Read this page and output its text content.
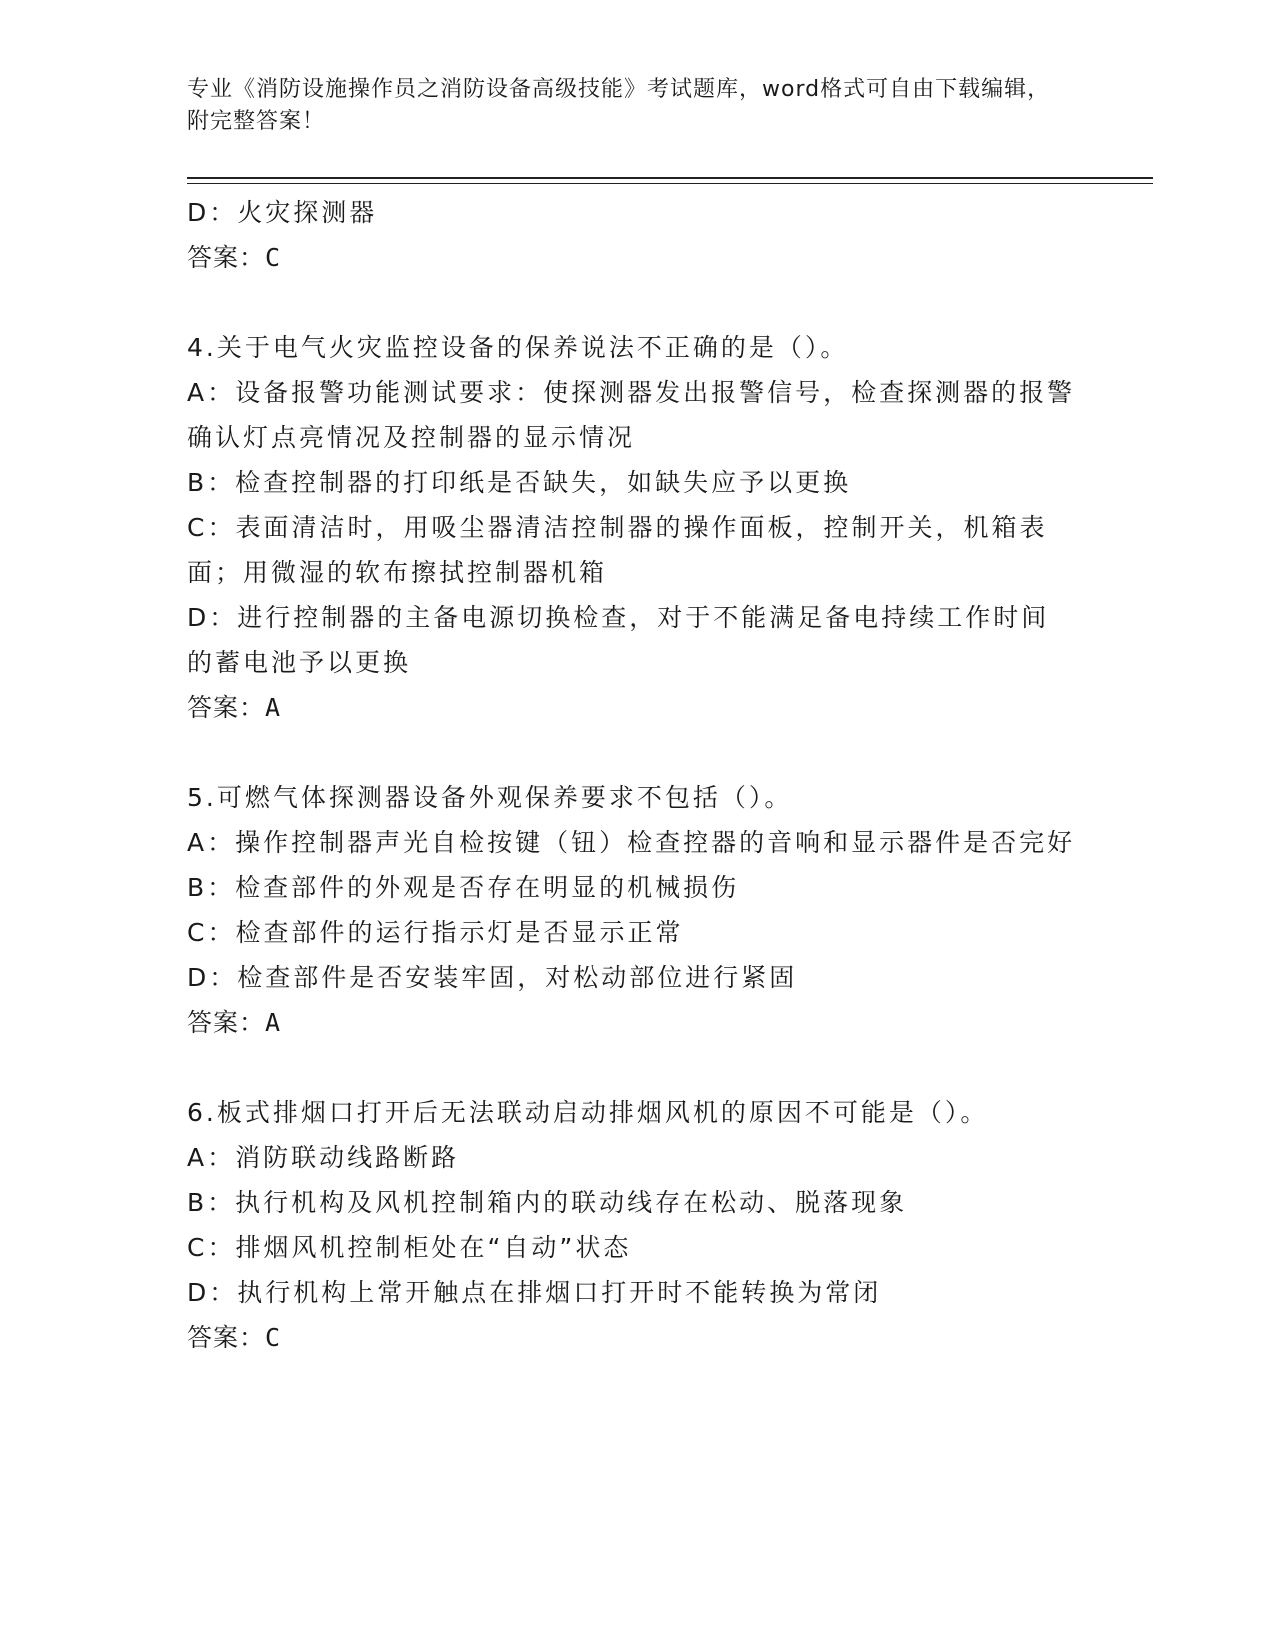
专业《消防设施操作员之消防设备高级技能》考试题库，word格式可自由下载编辑，附完整答案！
D：火灾探测器
答案：C
4.关于电气火灾监控设备的保养说法不正确的是（）。
A：设备报警功能测试要求：使探测器发出报警信号，检查探测器的报警确认灯点亮情况及控制器的显示情况
B：检查控制器的打印纸是否缺失，如缺失应予以更换
C：表面清洁时，用吸尘器清洁控制器的操作面板，控制开关，机箱表面；用微湿的软布擦拭控制器机箱
D：进行控制器的主备电源切换检查，对于不能满足备电持续工作时间的蓄电池予以更换
答案：A
5.可燃气体探测器设备外观保养要求不包括（）。
A：操作控制器声光自检按键（钮）检查控器的音响和显示器件是否完好
B：检查部件的外观是否存在明显的机械损伤
C：检查部件的运行指示灯是否显示正常
D：检查部件是否安装牢固，对松动部位进行紧固
答案：A
6.板式排烟口打开后无法联动启动排烟风机的原因不可能是（）。
A：消防联动线路断路
B：执行机构及风机控制箱内的联动线存在松动、脱落现象
C：排烟风机控制柜处在“自动”状态
D：执行机构上常开触点在排烟口打开时不能转换为常闭
答案：C
